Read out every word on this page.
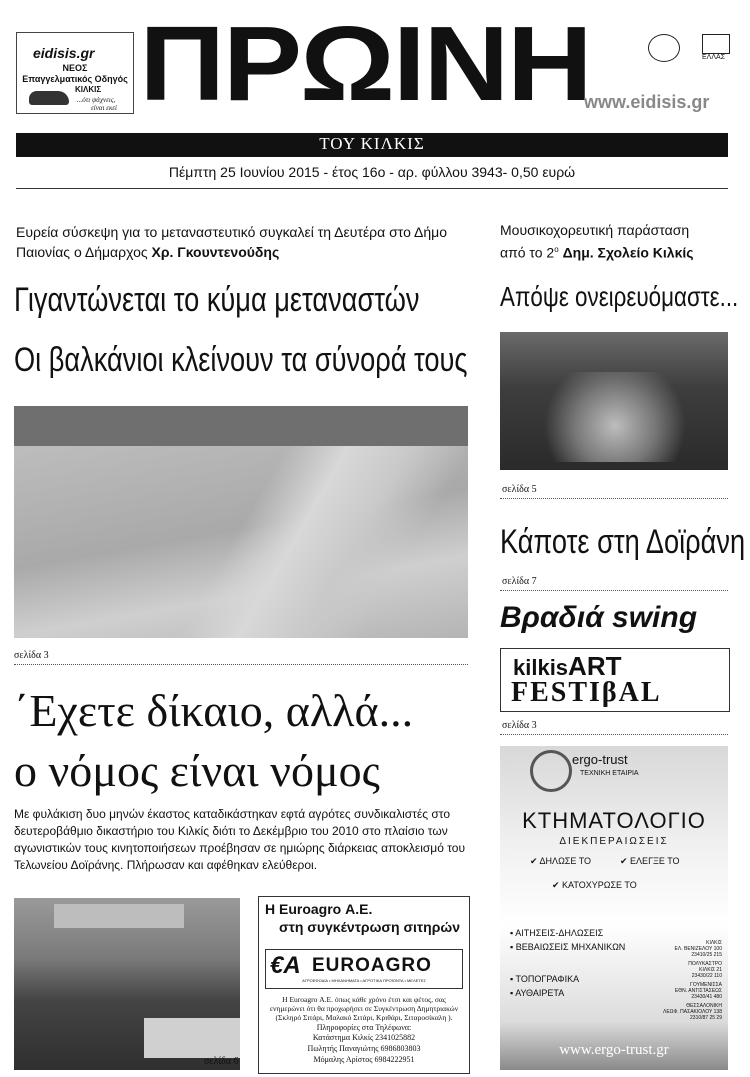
eidisis.gr
ΝΕΟΣ
Επαγγελματικός Οδηγός
ΚΙΛΚΙΣ
...ότι ψάχνεις,
είναι εκεί ΠΡΩΙΝΗ	ΕΛΛΑΣ
www.eidisis.gr
ΤΟΥ ΚΙΛΚΙΣ
Πέμπτη 25 Ιουνίου 2015 - έτος 16ο - αρ. φύλλου 3943- 0,50 ευρώ
Ευρεία σύσκεψη για το μεταναστευτικό συγκαλεί τη Δευτέρα στο Δήμο Παιονίας ο Δήμαρχος Χρ. Γκουντενούδης
Γιγαντώνεται το κύμα μεταναστών
Οι βαλκάνιοι κλείνουν τα σύνορά τους
σελίδα 3
΄Εχετε δίκαιο, αλλά...
ο νόμος είναι νόμος
Με φυλάκιση δυο μηνών έκαστος καταδικάστηκαν εφτά αγρότες συνδικαλιστές στο δευτεροβάθμιο δικαστήριο του Κιλκίς διότι το Δεκέμβριο του 2010 στο πλαίσιο των αγωνιστικών τους κινητοποιήσεων προέβησαν σε ημιώρης διάρκειας αποκλεισμό του Τελωνείου Δοϊράνης. Πλήρωσαν και αφέθηκαν ελεύθεροι.
σελίδα 6
Η Euroagro Α.Ε.
στη συγκέντρωση σιτηρών
€A EUROAGRO
ΑΓΡΟΕΦΟΔΙΑ • ΜΗΧΑΝΗΜΑΤΑ • ΑΓΡΟΤΙΚΑ ΠΡΟΪΟΝΤΑ • ΜΕΛΕΤΕΣ
Η Euroagro Α.Ε. όπως κάθε χρόνο έτσι και φέτος, σας ενημερώνει ότι θα προχωρήσει σε Συγκέντρωση Δημητριακών (Σκληρό Σιτάρι, Μαλακό Σιτάρι, Κριθάρι, Σιταροσίκαλη ).
Πληροφορίες στα Τηλέφωνα:
Κατάστημα Κιλκίς 2341025882
Πωλητής Παναγιώτης 6986803803
Μόμαλης Αρίστος 6984222951
Μουσικοχορευτική παράσταση
από το $2^o$ Δημ. Σχολείο Κιλκίς
Απόψε ονειρευόμαστε...
σελίδα 5
Κάποτε στη Δοϊράνη
σελίδα 7
Βραδιά swing
kilkisART
FESTIβAL
σελίδα 3
ergo-trust
ΤΕΧΝΙΚΗ ΕΤΑΙΡΙΑ
ΚΤΗΜΑΤΟΛΟΓΙΟ
ΔΙΕΚΠΕΡΑΙΩΣΕΙΣ
✔ ΔΗΛΩΣΕ ΤΟ	✔ ΕΛΕΓΞΕ ΤΟ
✔ ΚΑΤΟΧΥΡΩΣΕ ΤΟ
▪ ΑΙΤΗΣΕΙΣ-ΔΗΛΩΣΕΙΣ
▪ ΒΕΒΑΙΩΣΕΙΣ ΜΗΧΑΝΙΚΩΝ
▪ ΤΟΠΟΓΡΑΦΙΚΑ
▪ ΑΥΘΑΙΡΕΤΑ
ΚΙΛΚΙΣ
ΕΛ. ΒΕΝΙΖΕΛΟΥ 100
23410/25 215
ΠΟΛΥΚΑΣΤΡΟ
ΚΙΛΚΙΣ 21
23430/22 110
ΓΟΥΜΕΝΙΣΣΑ
ΕΘΝ. ΑΝΤΙΣΤΑΣΕΩΣ
23430/41 480
ΘΕΣΣΑΛΟΝΙΚΗ
ΛΕΩΦ. ΠΑΣΑΚΙΟΛΟΥ 138
2310/87 25 29
www.ergo-trust.gr
